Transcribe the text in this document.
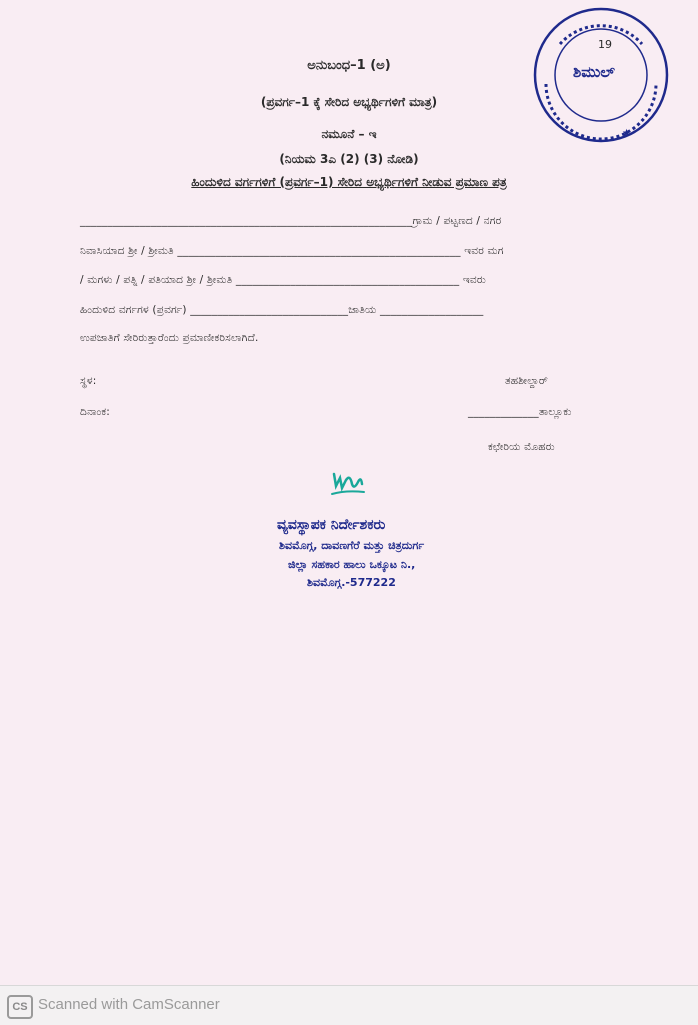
★
19
ಶಿಮುಲ್
ಅನುಬಂಧ–1 (ಅ)
(ಪ್ರವರ್ಗ–1 ಕ್ಕೆ ಸೇರಿದ ಅಭ್ಯರ್ಥಿಗಳಿಗೆ ಮಾತ್ರ)
ನಮೂನೆ – ಇ
(ನಿಯಮ 3ಎ (2) (3) ನೋಡಿ)
ಹಿಂದುಳಿದ ವರ್ಗಗಳಿಗೆ (ಪ್ರವರ್ಗ–1) ಸೇರಿದ ಅಭ್ಯರ್ಥಿಗಳಿಗೆ ನೀಡುವ ಪ್ರಮಾಣ ಪತ್ರ
_____________________________________________________________ಗ್ರಾಮ / ಪಟ್ಟಣದ / ನಗರ
ನಿವಾಸಿಯಾದ ಶ್ರೀ / ಶ್ರೀಮತಿ ____________________________________________________ ಇವರ ಮಗ
/ ಮಗಳು / ಪತ್ನಿ / ಪತಿಯಾದ ಶ್ರೀ / ಶ್ರೀಮತಿ _________________________________________ ಇವರು
ಹಿಂದುಳಿದ ವರ್ಗಗಳ (ಪ್ರವರ್ಗ) _____________________________ಜಾತಿಯ ___________________
ಉಪಜಾತಿಗೆ ಸೇರಿರುತ್ತಾರೆಂದು ಪ್ರಮಾಣೀಕರಿಸಲಾಗಿದೆ.
ಸ್ಥಳ:	ತಹಶೀಲ್ದಾರ್
ದಿನಾಂಕ:	_____________ತಾಲ್ಲೂಕು
ಕಛೇರಿಯ ಮೊಹರು
ವ್ಯವಸ್ಥಾಪಕ ನಿರ್ದೇಶಕರು
ಶಿವಮೊಗ್ಗ, ದಾವಣಗೆರೆ ಮತ್ತು ಚಿತ್ರದುರ್ಗ
ಜಿಲ್ಲಾ ಸಹಕಾರ ಹಾಲು ಒಕ್ಕೂಟ ನಿ.,
ಶಿವಮೊಗ್ಗ.-577222
CS Scanned with CamScanner
